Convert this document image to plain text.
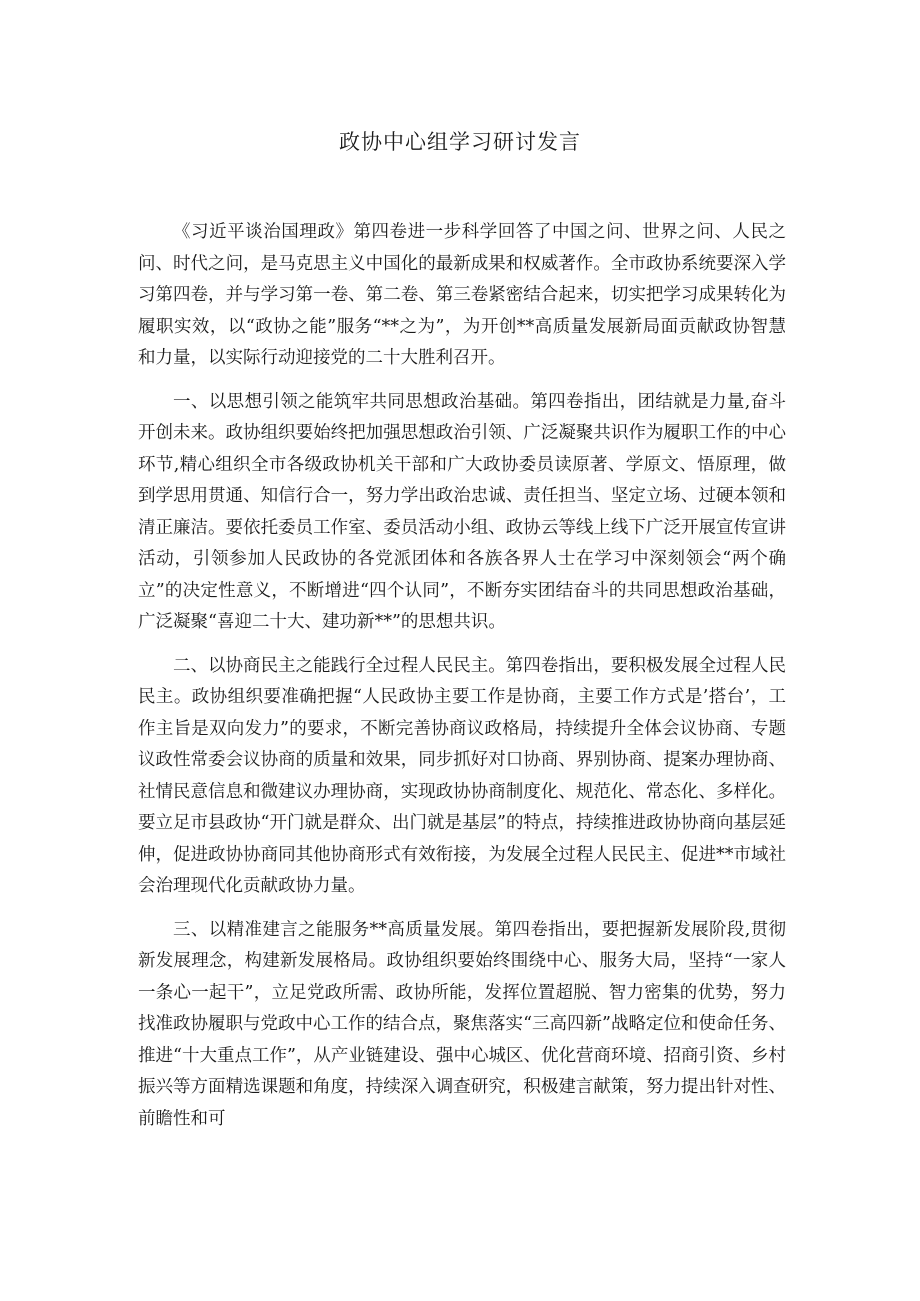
政协中心组学习研讨发言

《习近平谈治国理政》第四卷进一步科学回答了中国之问、世界之问、人民之问、时代之问，是马克思主义中国化的最新成果和权威著作。全市政协系统要深入学习第四卷，并与学习第一卷、第二卷、第三卷紧密结合起来，切实把学习成果转化为履职实效，以“政协之能”服务“**之为”，为开创**高质量发展新局面贡献政协智慧和力量，以实际行动迎接党的二十大胜利召开。

一、以思想引领之能筑牢共同思想政治基础。第四卷指出，团结就是力量,奋斗开创未来。政协组织要始终把加强思想政治引领、广泛凝聚共识作为履职工作的中心环节,精心组织全市各级政协机关干部和广大政协委员读原著、学原文、悟原理，做到学思用贯通、知信行合一，努力学出政治忠诚、责任担当、坚定立场、过硬本领和清正廉洁。要依托委员工作室、委员活动小组、政协云等线上线下广泛开展宣传宣讲活动，引领参加人民政协的各党派团体和各族各界人士在学习中深刻领会“两个确立”的决定性意义，不断增进“四个认同”，不断夯实团结奋斗的共同思想政治基础，广泛凝聚“喜迎二十大、建功新**”的思想共识。

二、以协商民主之能践行全过程人民民主。第四卷指出，要积极发展全过程人民民主。政协组织要准确把握“人民政协主要工作是协商，主要工作方式是’搭台’，工作主旨是双向发力”的要求，不断完善协商议政格局，持续提升全体会议协商、专题议政性常委会议协商的质量和效果，同步抓好对口协商、界别协商、提案办理协商、社情民意信息和微建议办理协商，实现政协协商制度化、规范化、常态化、多样化。要立足市县政协“开门就是群众、出门就是基层”的特点，持续推进政协协商向基层延伸，促进政协协商同其他协商形式有效衔接，为发展全过程人民民主、促进**市域社会治理现代化贡献政协力量。

三、以精准建言之能服务**高质量发展。第四卷指出，要把握新发展阶段,贯彻新发展理念，构建新发展格局。政协组织要始终围绕中心、服务大局，坚持“一家人一条心一起干”，立足党政所需、政协所能，发挥位置超脱、智力密集的优势，努力找准政协履职与党政中心工作的结合点，聚焦落实“三高四新”战略定位和使命任务、推进“十大重点工作”，从产业链建设、强中心城区、优化营商环境、招商引资、乡村振兴等方面精选课题和角度，持续深入调查研究，积极建言献策，努力提出针对性、前瞻性和可
